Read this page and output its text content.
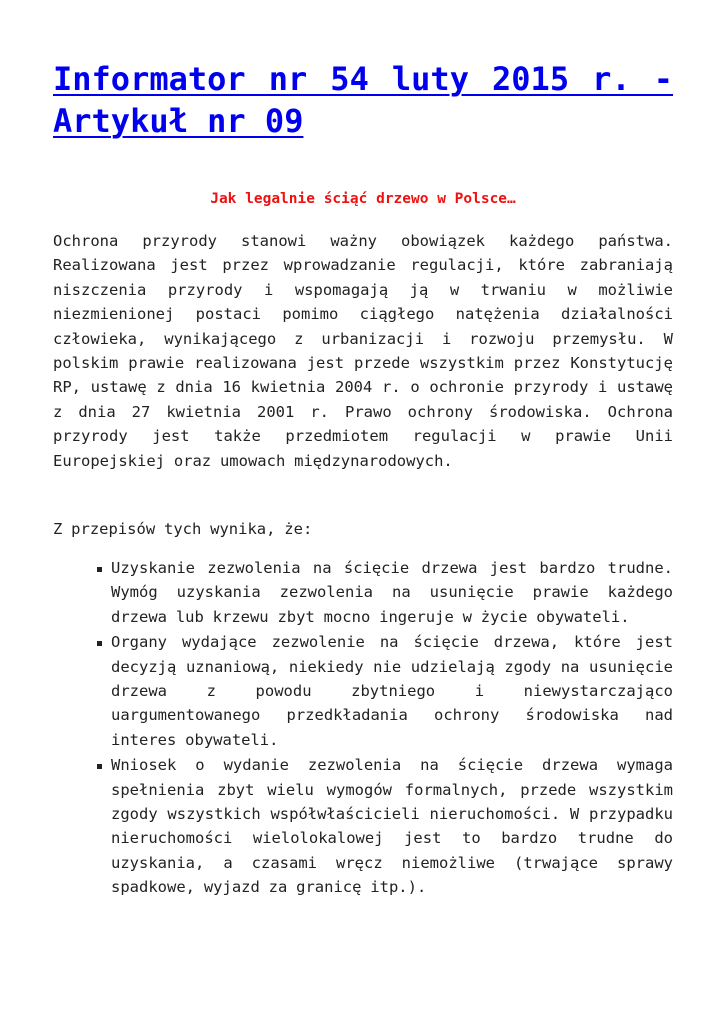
Informator nr 54 luty 2015 r. - Artykuł nr 09

Jak legalnie ściąć drzewo w Polsce…

Ochrona przyrody stanowi ważny obowiązek każdego państwa. Realizowana jest przez wprowadzanie regulacji, które zabraniają niszczenia przyrody i wspomagają ją w trwaniu w możliwie niezmienionej postaci pomimo ciągłego natężenia działalności człowieka, wynikającego z urbanizacji i rozwoju przemysłu. W polskim prawie realizowana jest przede wszystkim przez Konstytucję RP, ustawę z dnia 16 kwietnia 2004 r. o ochronie przyrody i ustawę z dnia 27 kwietnia 2001 r. Prawo ochrony środowiska. Ochrona przyrody jest także przedmiotem regulacji w prawie Unii Europejskiej oraz umowach międzynarodowych.

Z przepisów tych wynika, że:

Uzyskanie zezwolenia na ścięcie drzewa jest bardzo trudne. Wymóg uzyskania zezwolenia na usunięcie prawie każdego drzewa lub krzewu zbyt mocno ingeruje w życie obywateli.
Organy wydające zezwolenie na ścięcie drzewa, które jest decyzją uznaniową, niekiedy nie udzielają zgody na usunięcie drzewa z powodu zbytniego i niewystarczająco uargumentowanego przedkładania ochrony środowiska nad interes obywateli.
Wniosek o wydanie zezwolenia na ścięcie drzewa wymaga spełnienia zbyt wielu wymogów formalnych, przede wszystkim zgody wszystkich współwłaścicieli nieruchomości. W przypadku nieruchomości wielolokalowej jest to bardzo trudne do uzyskania, a czasami wręcz niemożliwe (trwające sprawy spadkowe, wyjazd za granicę itp.).
